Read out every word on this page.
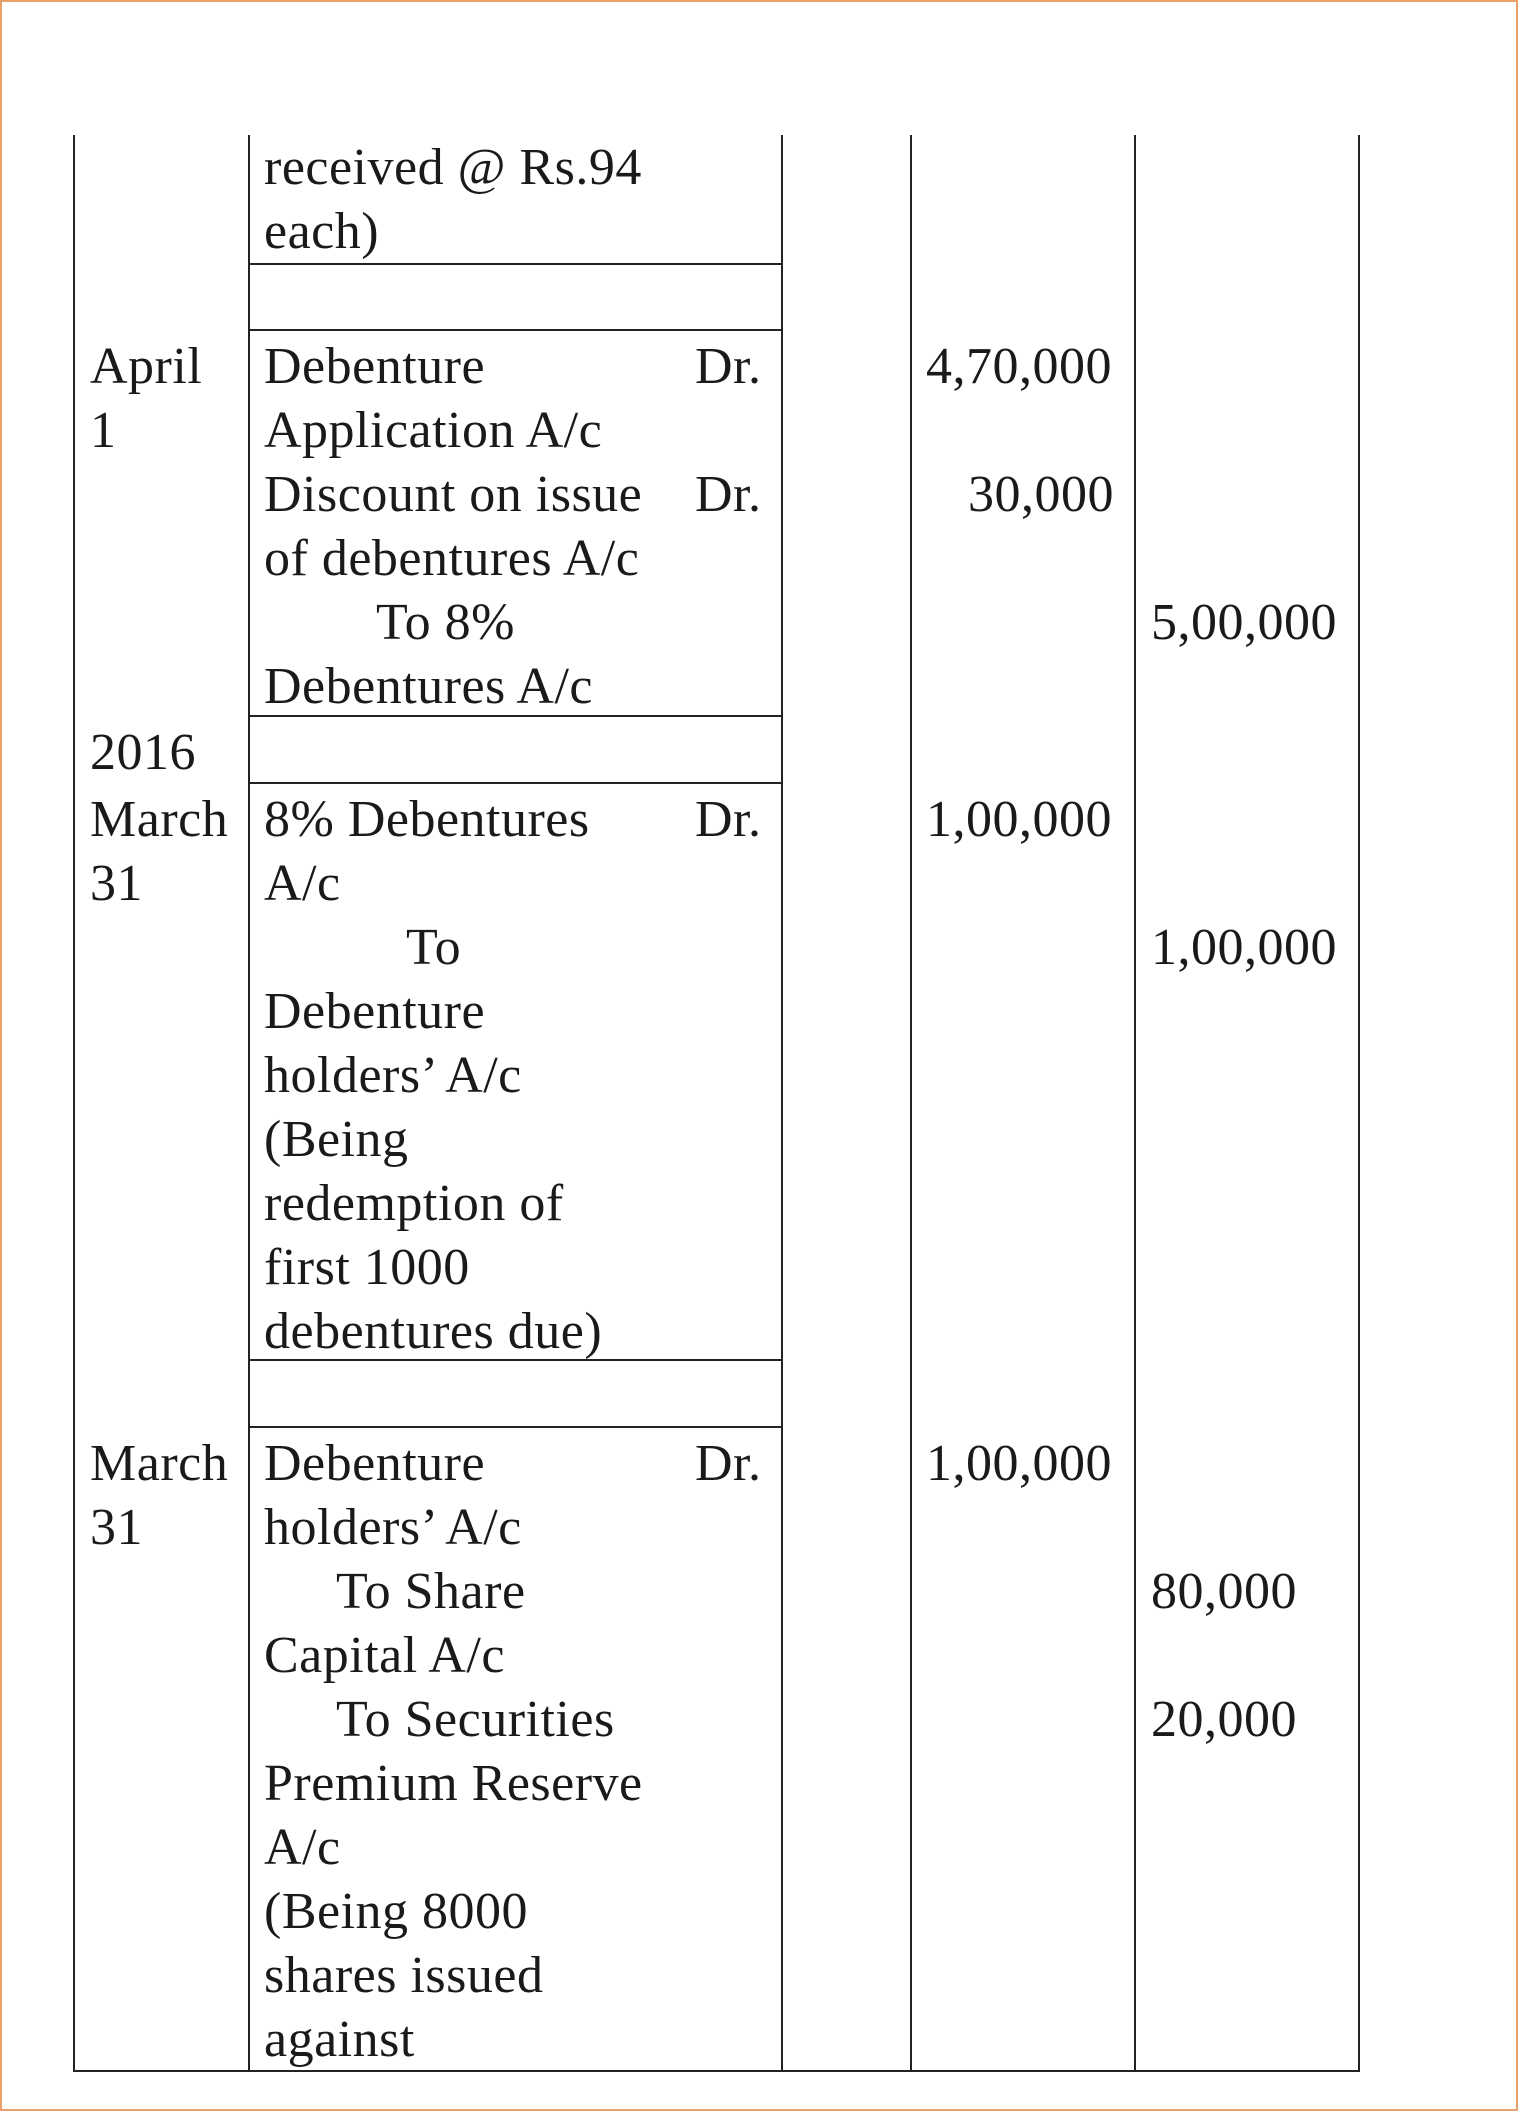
received @ Rs.94
each)
April
1
Debenture	Dr.
Application A/c
Discount on issue Dr.
of debentures A/c
To 8%
Debentures A/c
4,70,000
30,000
5,00,000
2016
March
31
8% Debentures Dr.
A/c
To
Debenture
holders’ A/c
(Being
redemption of
first 1000
debentures due)
1,00,000
1,00,000
March
31
Debenture	Dr.
holders’ A/c
To Share
Capital A/c
To Securities
Premium Reserve
A/c
(Being 8000
shares issued
against
1,00,000
80,000
20,000
